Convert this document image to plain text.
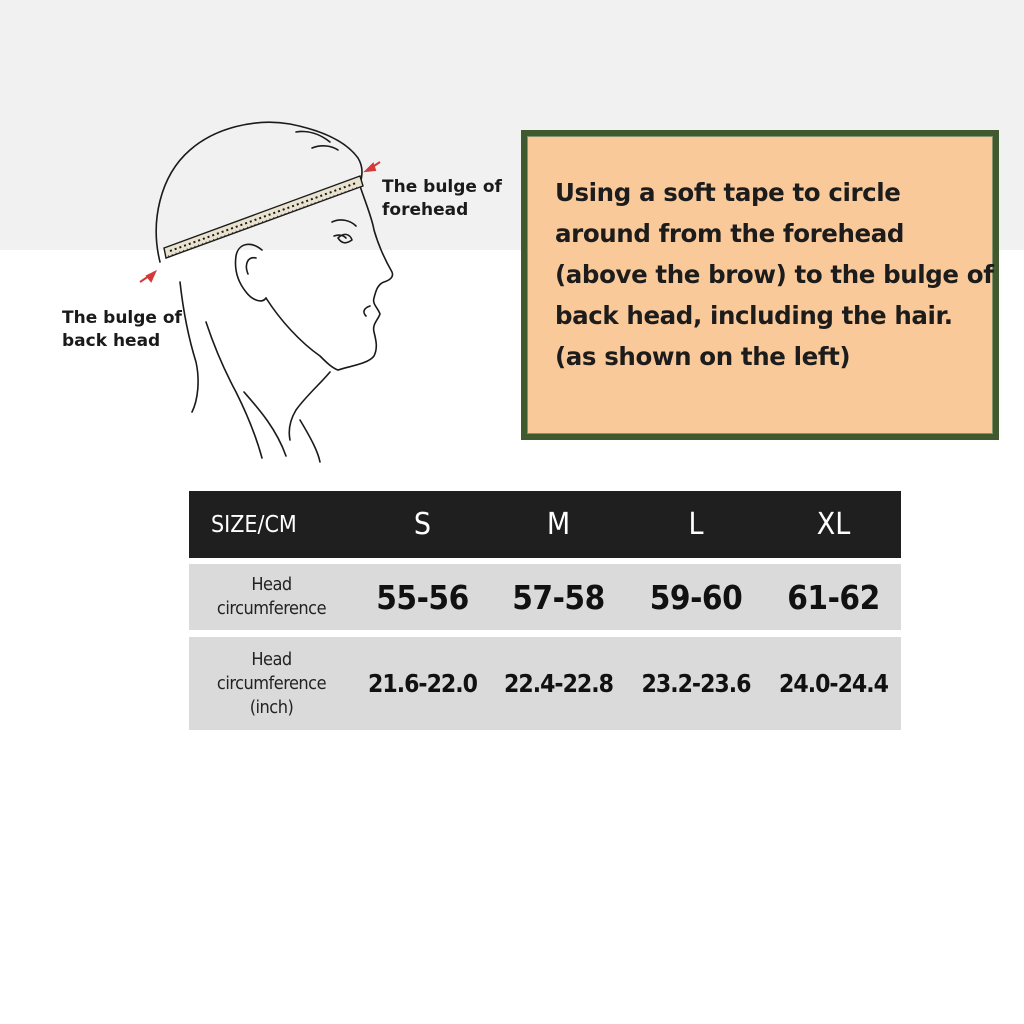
The bulge of
forehead
The bulge of
back head
Using a soft tape to circle
around from the forehead
(above the brow) to the bulge of
back head, including the hair.
(as shown on the left)
SIZE/CM	S	M	L	XL
Head
circumference	55-56	57-58	59-60	61-62
Head
circumference
(inch)
21.6-22.0	22.4-22.8	23.2-23.6	24.0-24.4
